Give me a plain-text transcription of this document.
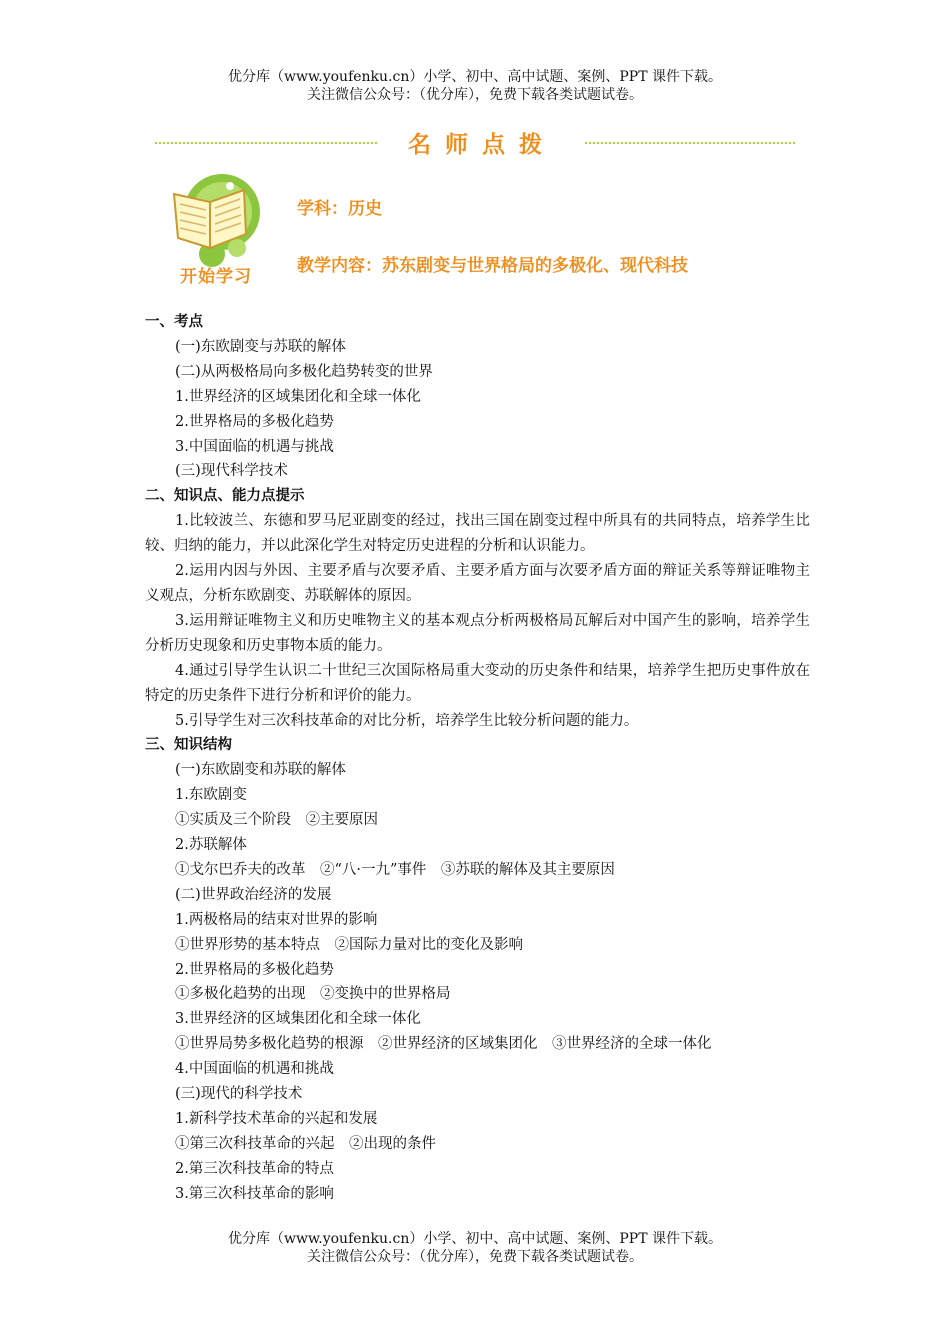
优分库（www.youfenku.cn）小学、初中、高中试题、案例、PPT 课件下载。
关注微信公众号：（优分库），免费下载各类试题试卷。
名师点拨
开始学习
学科：历史
教学内容：苏东剧变与世界格局的多极化、现代科技
一、考点
(一)东欧剧变与苏联的解体
(二)从两极格局向多极化趋势转变的世界
1.世界经济的区域集团化和全球一体化
2.世界格局的多极化趋势
3.中国面临的机遇与挑战
(三)现代科学技术
二、知识点、能力点提示
1.比较波兰、东德和罗马尼亚剧变的经过，找出三国在剧变过程中所具有的共同特点，培养学生比较、归纳的能力，并以此深化学生对特定历史进程的分析和认识能力。
2.运用内因与外因、主要矛盾与次要矛盾、主要矛盾方面与次要矛盾方面的辩证关系等辩证唯物主义观点，分析东欧剧变、苏联解体的原因。
3.运用辩证唯物主义和历史唯物主义的基本观点分析两极格局瓦解后对中国产生的影响，培养学生分析历史现象和历史事物本质的能力。
4.通过引导学生认识二十世纪三次国际格局重大变动的历史条件和结果，培养学生把历史事件放在特定的历史条件下进行分析和评价的能力。
5.引导学生对三次科技革命的对比分析，培养学生比较分析问题的能力。
三、知识结构
(一)东欧剧变和苏联的解体
1.东欧剧变
①实质及三个阶段　②主要原因
2.苏联解体
①戈尔巴乔夫的改革　②“八·一九”事件　③苏联的解体及其主要原因
(二)世界政治经济的发展
1.两极格局的结束对世界的影响
①世界形势的基本特点　②国际力量对比的变化及影响
2.世界格局的多极化趋势
①多极化趋势的出现　②变换中的世界格局
3.世界经济的区域集团化和全球一体化
①世界局势多极化趋势的根源　②世界经济的区域集团化　③世界经济的全球一体化
4.中国面临的机遇和挑战
(三)现代的科学技术
1.新科学技术革命的兴起和发展
①第三次科技革命的兴起　②出现的条件
2.第三次科技革命的特点
3.第三次科技革命的影响
优分库（www.youfenku.cn）小学、初中、高中试题、案例、PPT 课件下载。
关注微信公众号：（优分库），免费下载各类试题试卷。
